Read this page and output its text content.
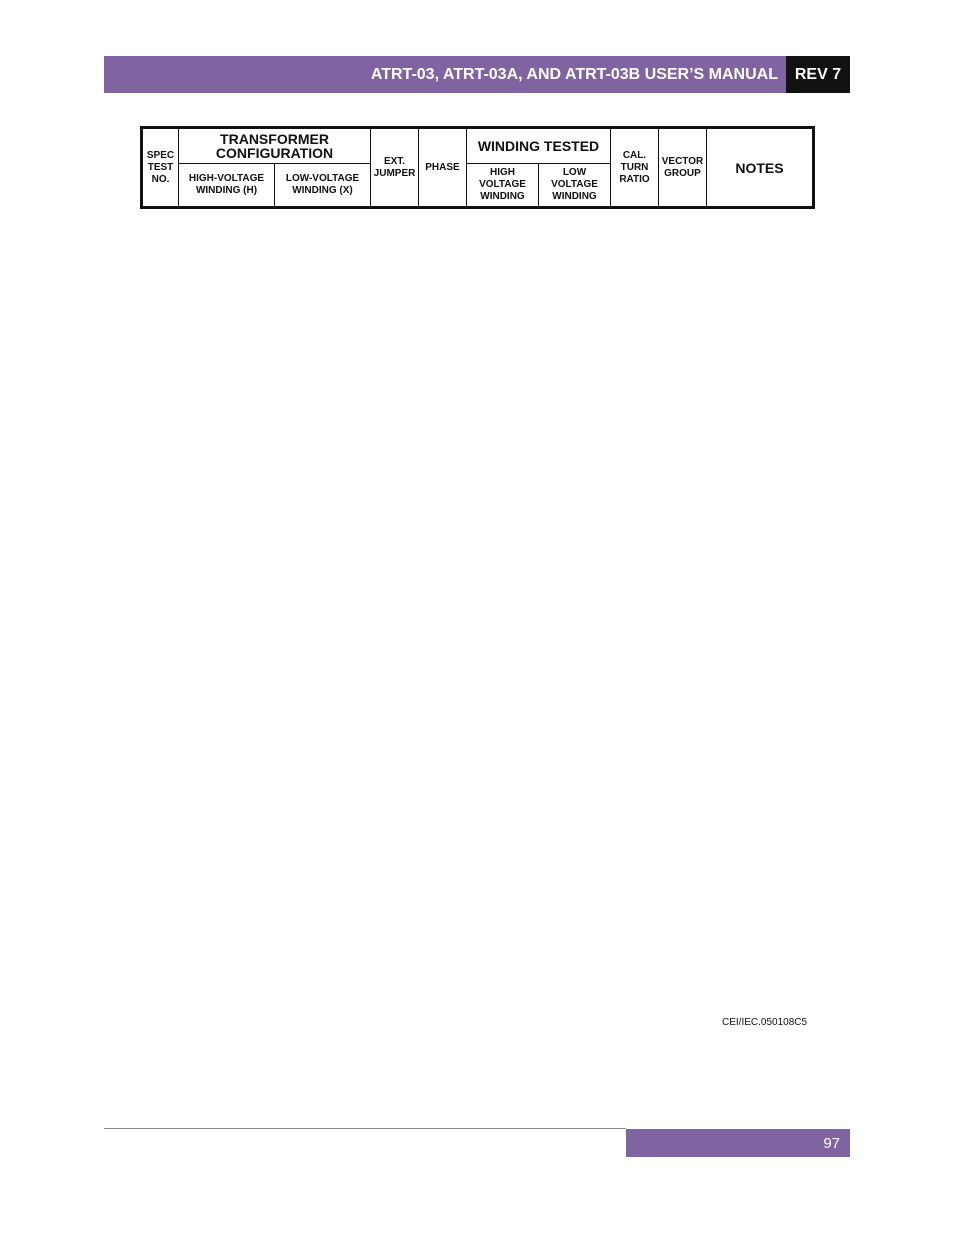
ATRT-03, ATRT-03A, AND ATRT-03B USER’S MANUAL	REV 7
SPEC TEST NO.	TRANSFORMER CONFIGURATION		EXT. JUMPER	PHASE	WINDING TESTED		CAL. TURN RATIO	VECTOR GROUP	NOTES
	HIGH-VOLTAGE WINDING (H)	LOW-VOLTAGE WINDING (X)			HIGH VOLTAGE WINDING	LOW VOLTAGE WINDING			
CEI/IEC.050108C5
97
